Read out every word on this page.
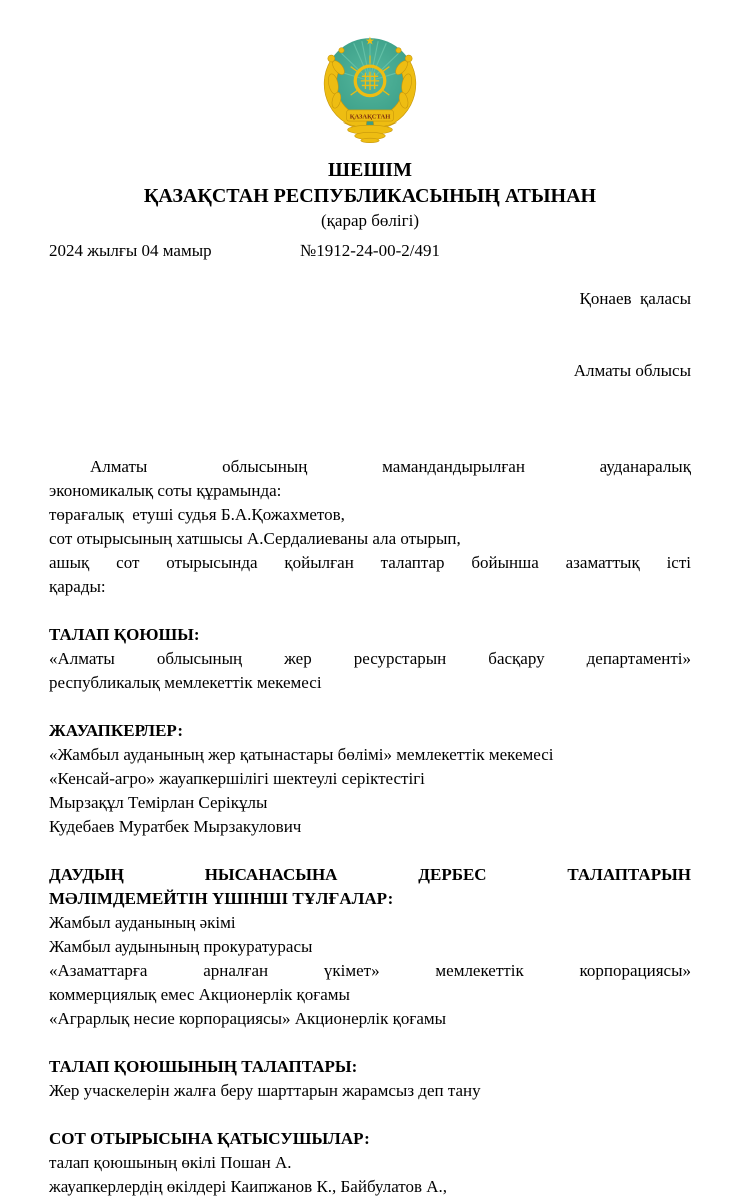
★
ҚАЗАҚСТАН

ШЕШІМ

ҚАЗАҚСТАН РЕСПУБЛИКАСЫНЫҢ АТЫНАН

(қарар бөлігі)

2024 жылғы 04 мамыр	№1912-24-00-2/491

Қонаев  қаласы

Алматы облысы

Алматы облысының мамандандырылған ауданаралық

экономикалық соты құрамында:

төрағалық  етуші судья Б.А.Қожахметов,

сот отырысының хатшысы А.Сердалиеваны ала отырып,

ашық сот отырысында қойылған талаптар бойынша азаматтық істі

қарады:

ТАЛАП ҚОЮШЫ:

«Алматы облысының жер ресурстарын басқару департаменті»

республикалық мемлекеттік мекемесі

ЖАУАПКЕРЛЕР:

«Жамбыл ауданының жер қатынастары бөлімі» мемлекеттік мекемесі

«Кенсай-агро» жауапкершілігі шектеулі серіктестігі

Мырзақұл Темірлан Серікұлы

Кудебаев Муратбек Мырзакулович

ДАУДЫҢ НЫСАНАСЫНА ДЕРБЕС ТАЛАПТАРЫН

МӘЛІМДЕМЕЙТІН ҮШІНШІ ТҰЛҒАЛАР:

Жамбыл ауданының әкімі

Жамбыл аудынының прокуратурасы

«Азаматтарға арналған үкімет» мемлекеттік корпорациясы»

коммерциялық емес Акционерлік қоғамы

«Аграрлық несие корпорациясы» Акционерлік қоғамы

ТАЛАП ҚОЮШЫНЫҢ ТАЛАПТАРЫ:

Жер учаскелерін жалға беру шарттарын жарамсыз деп тану

СОТ ОТЫРЫСЫНА ҚАТЫСУШЫЛАР:

талап қоюшының өкілі Пошан А.

жауапкерлердің өкілдері Каипжанов К., Байбулатов А.,
